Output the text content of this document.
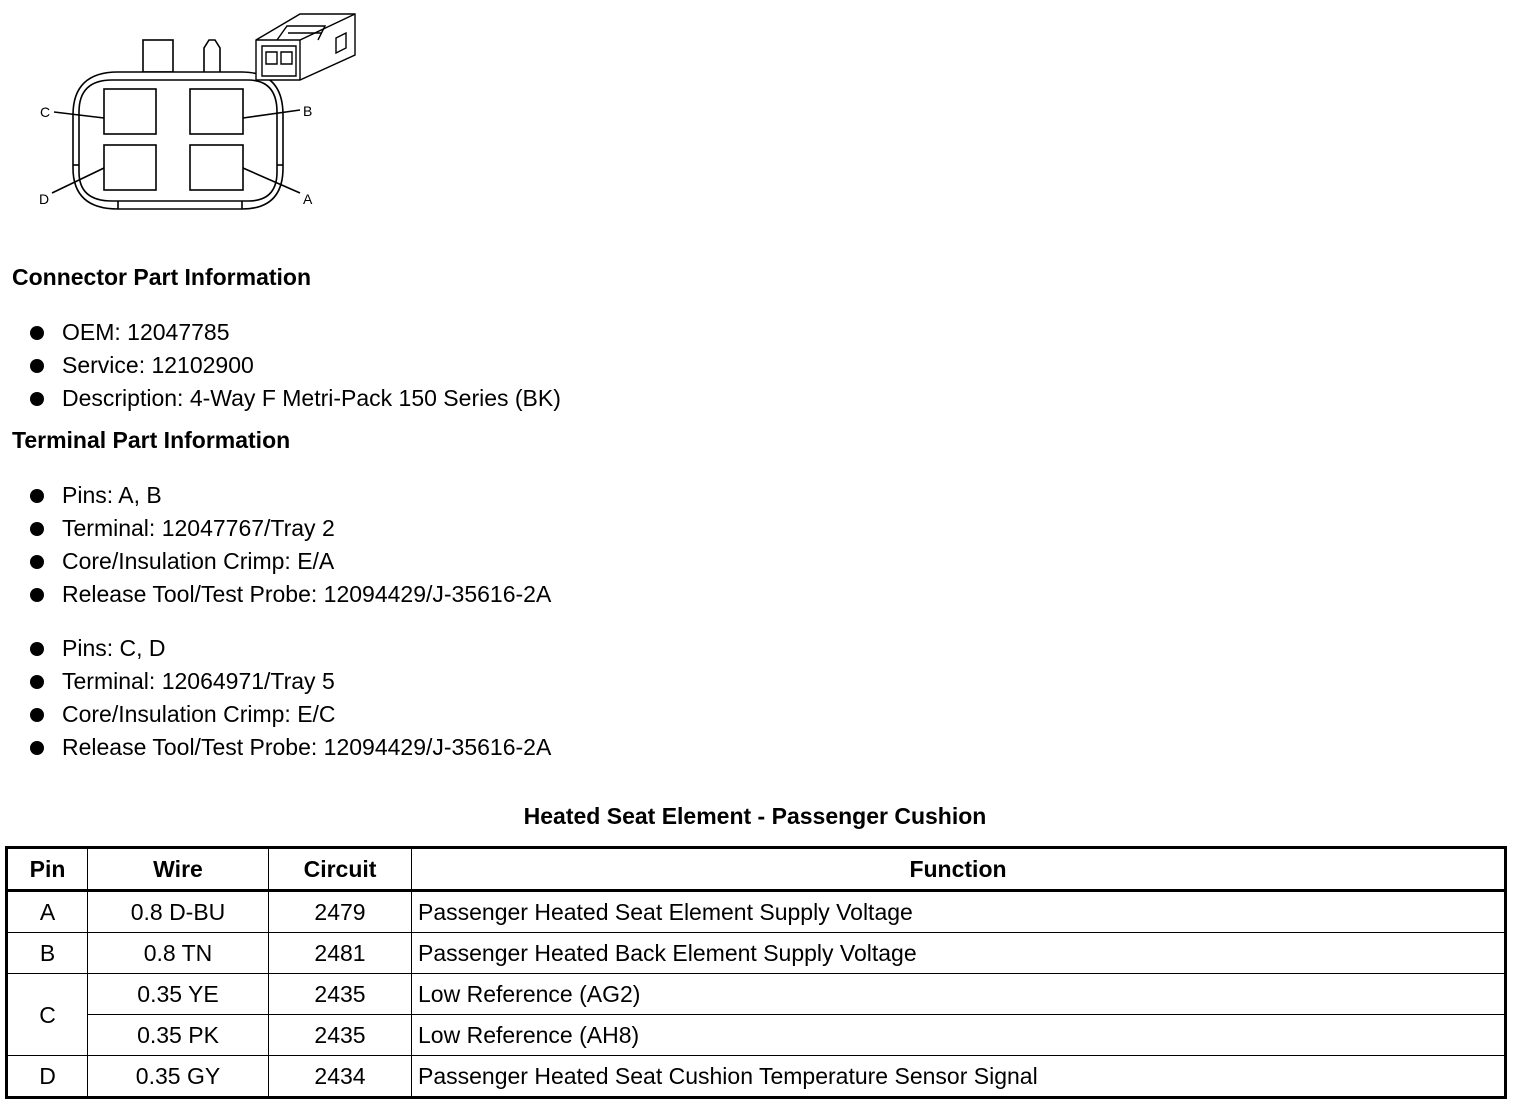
C	B
D	A
Connector Part Information
OEM: 12047785
Service: 12102900
Description: 4-Way F Metri-Pack 150 Series (BK)
Terminal Part Information
Pins: A, B
Terminal: 12047767/Tray 2
Core/Insulation Crimp: E/A
Release Tool/Test Probe: 12094429/J-35616-2A
Pins: C, D
Terminal: 12064971/Tray 5
Core/Insulation Crimp: E/C
Release Tool/Test Probe: 12094429/J-35616-2A
Heated Seat Element - Passenger Cushion
Pin	Wire	Circuit	Function
A	0.8 D-BU	2479	Passenger Heated Seat Element Supply Voltage
B	0.8 TN	2481	Passenger Heated Back Element Supply Voltage
C	0.35 YE	2435	Low Reference (AG2)
	0.35 PK	2435	Low Reference (AH8)
D	0.35 GY	2434	Passenger Heated Seat Cushion Temperature Sensor Signal
